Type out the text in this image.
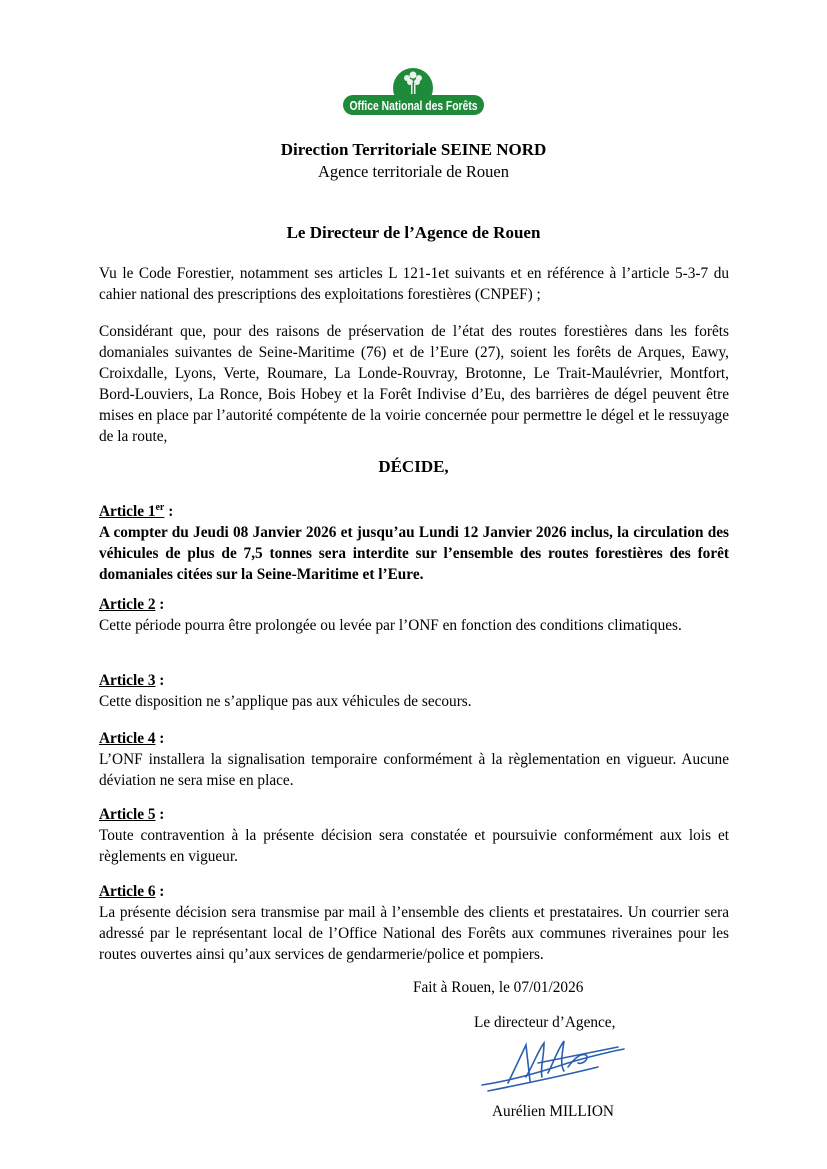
Office National des Forêts
Direction Territoriale SEINE NORD
Agence territoriale de Rouen
Le Directeur de l’Agence de Rouen
Vu le Code Forestier, notamment ses articles L 121-1et suivants et en référence à l’article 5-3-7 du cahier national des prescriptions des exploitations forestières (CNPEF) ;
Considérant que, pour des raisons de préservation de l’état des routes forestières dans les forêts domaniales suivantes de Seine-Maritime (76) et de l’Eure (27), soient les forêts de Arques, Eawy, Croixdalle, Lyons, Verte, Roumare, La Londe-Rouvray, Brotonne, Le Trait-Maulévrier, Montfort, Bord-Louviers, La Ronce, Bois Hobey et la Forêt Indivise d’Eu, des barrières de dégel peuvent être mises en place par l’autorité compétente de la voirie concernée pour permettre le dégel et le ressuyage de la route,
DÉCIDE,
Article 1er :
A compter du Jeudi 08 Janvier 2026 et jusqu’au Lundi 12 Janvier 2026 inclus, la circulation des véhicules de plus de 7,5 tonnes sera interdite sur l’ensemble des routes forestières des forêt domaniales citées sur la Seine-Maritime et l’Eure.
Article 2 :
Cette période pourra être prolongée ou levée par l’ONF en fonction des conditions climatiques.
Article 3 :
Cette disposition ne s’applique pas aux véhicules de secours.
Article 4 :
L’ONF installera la signalisation temporaire conformément à la règlementation en vigueur. Aucune déviation ne sera mise en place.
Article 5 :
Toute contravention à la présente décision sera constatée et poursuivie conformément aux lois et règlements en vigueur.
Article 6 :
La présente décision sera transmise par mail à l’ensemble des clients et prestataires. Un courrier sera adressé par le représentant local de l’Office National des Forêts aux communes riveraines pour les routes ouvertes ainsi qu’aux services de gendarmerie/police et pompiers.
Fait à Rouen, le 07/01/2026
Le directeur d’Agence,
Aurélien MILLION
